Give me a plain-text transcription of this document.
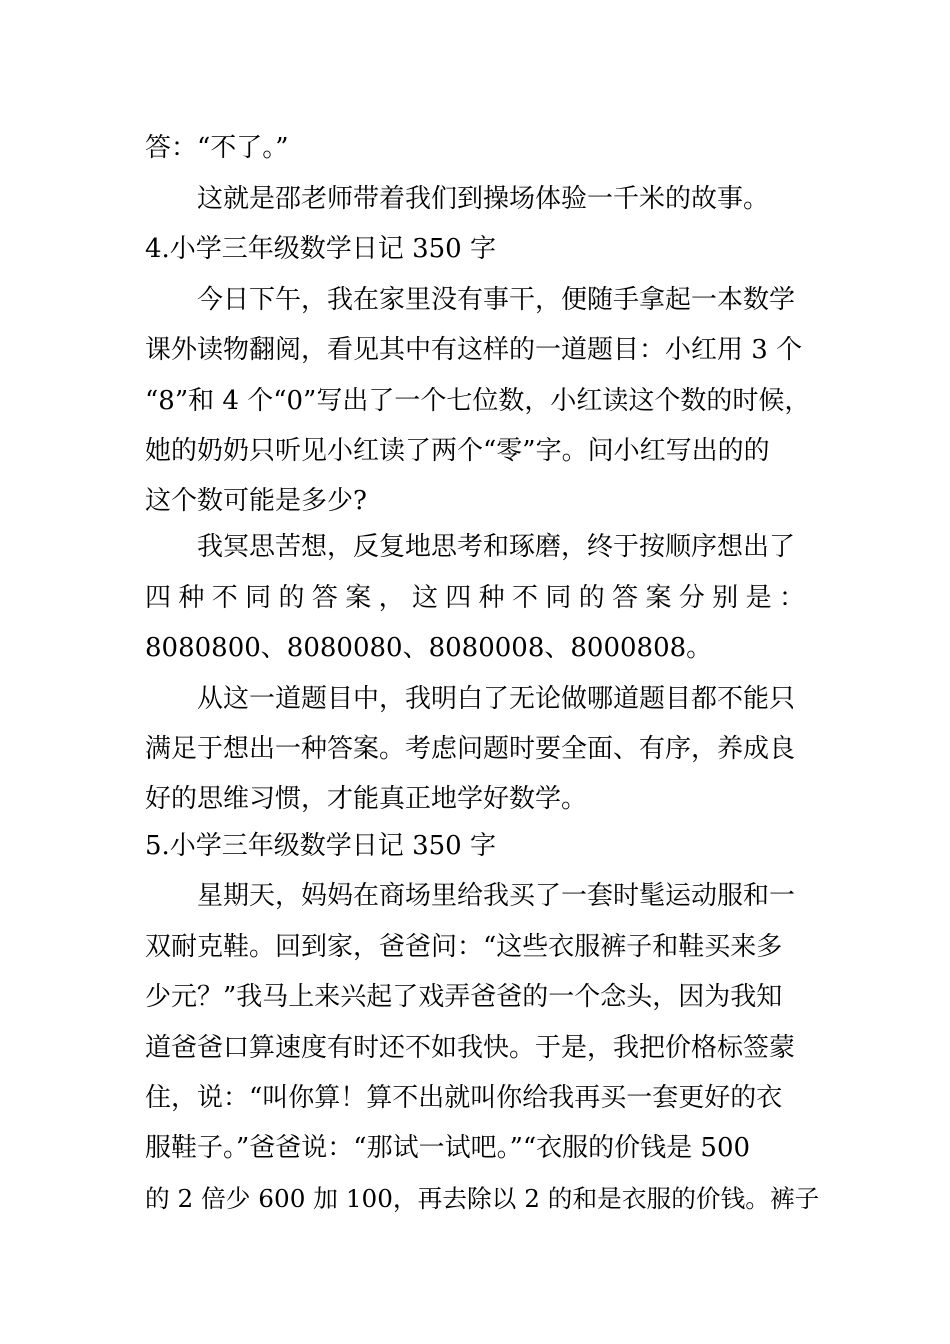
答：“不了。”
这就是邵老师带着我们到操场体验一千米的故事。
4.小学三年级数学日记 350 字
今日下午，我在家里没有事干，便随手拿起一本数学
课外读物翻阅，看见其中有这样的一道题目：小红用 3 个
“8”和 4 个“0”写出了一个七位数，小红读这个数的时候，
她的奶奶只听见小红读了两个“零”字。问小红写出的的
这个数可能是多少?
我冥思苦想，反复地思考和琢磨，终于按顺序想出了
四种不同的答案，这四种不同的答案分别是：
8080800、8080080、8080008、8000808。
从这一道题目中，我明白了无论做哪道题目都不能只
满足于想出一种答案。考虑问题时要全面、有序，养成良
好的思维习惯，才能真正地学好数学。
5.小学三年级数学日记 350 字
星期天，妈妈在商场里给我买了一套时髦运动服和一
双耐克鞋。回到家，爸爸问：“这些衣服裤子和鞋买来多
少元？”我马上来兴起了戏弄爸爸的一个念头，因为我知
道爸爸口算速度有时还不如我快。于是，我把价格标签蒙
住，说：“叫你算！算不出就叫你给我再买一套更好的衣
服鞋子。”爸爸说：“那试一试吧。”“衣服的价钱是 500
的 2 倍少 600 加 100，再去除以 2 的和是衣服的价钱。裤子
